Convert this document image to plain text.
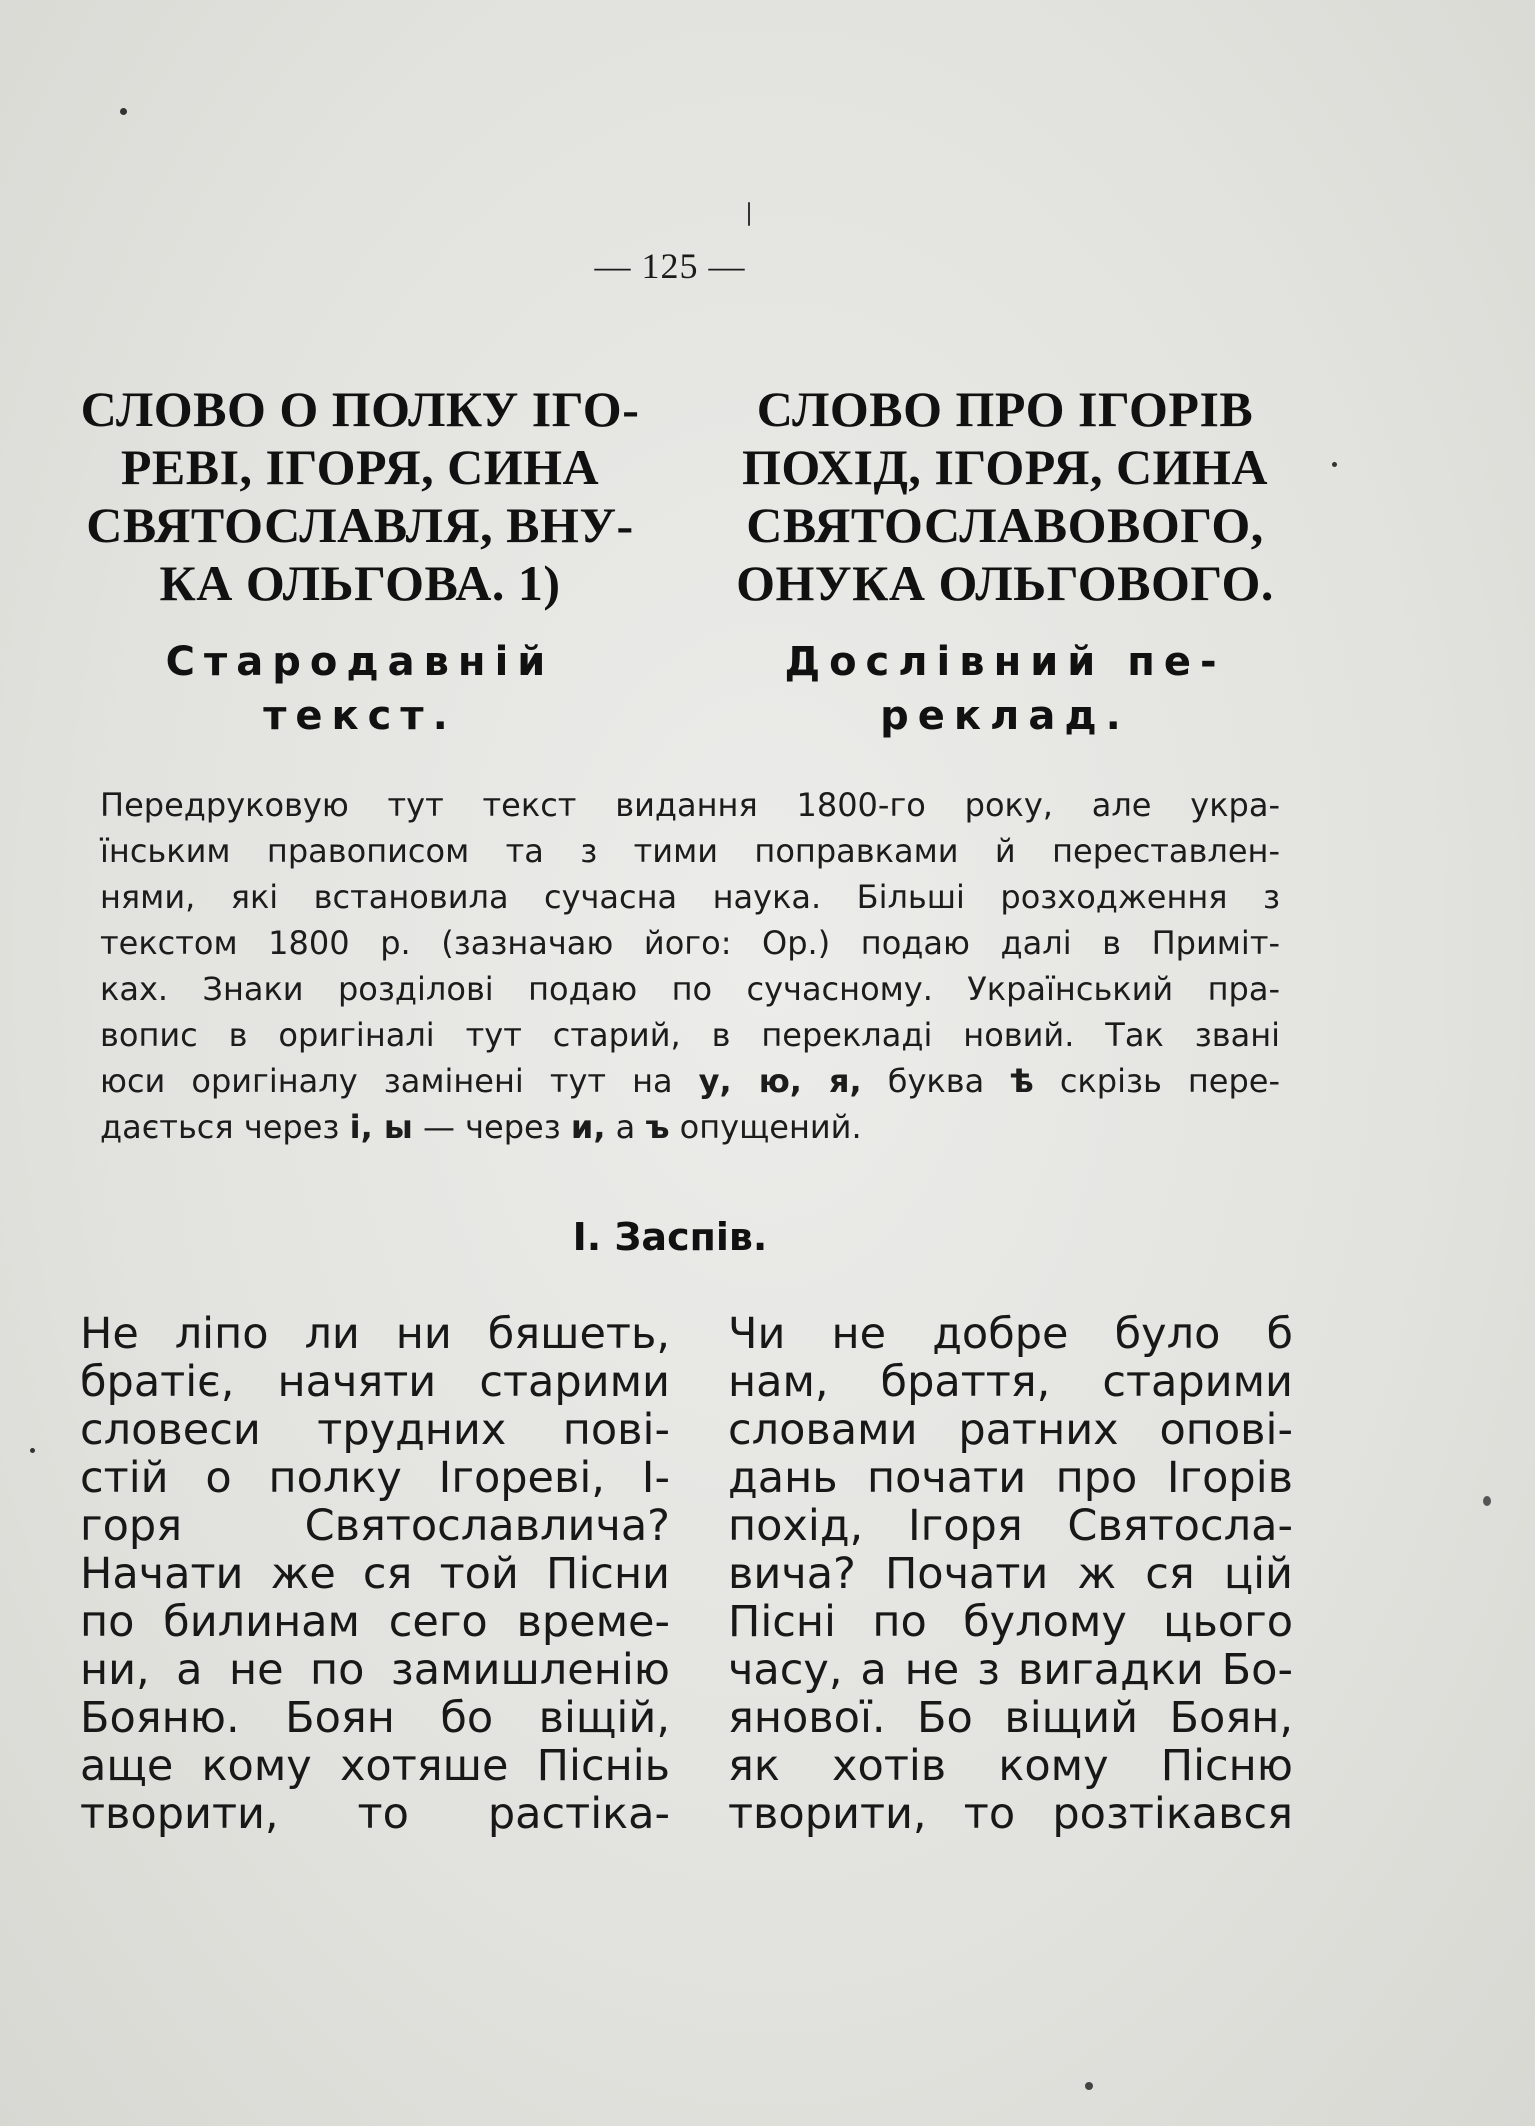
— 125 —
СЛОВО О ПОЛКУ ІГО-
РЕВІ, ІГОРЯ, СИНА
СВЯТОСЛАВЛЯ, ВНУ-
КА ОЛЬГОВА. 1)
СЛОВО ПРО ІГОРІВ
ПОХІД, ІГОРЯ, СИНА
СВЯТОСЛАВОВОГО,
ОНУКА ОЛЬГОВОГО.
Стародавній
текст.
Дослівний пе-
реклад.
Передруковую тут текст видання 1800-го року, але укра-
їнським правописом та з тими поправками й переставлен-
нями, які встановила сучасна наука. Більші розходження з
текстом 1800 р. (зазначаю його: Ор.) подаю далі в Приміт-
ках. Знаки розділові подаю по сучасному. Український пра-
вопис в оригіналі тут старий, в перекладі новий. Так звані
юси оригіналу замінені тут на у, ю, я, буква ѣ скрізь пере-
дається через і, ы — через и, а ъ опущений.
І. Заспів.
Не ліпо ли ни бяшеть,
братіє, начяти старими
словеси трудних пові-
стій о полку Ігореві, І-
горя Святославлича?
Начати же ся той Пісни
по билинам сего време-
ни, а не по замишленію
Бояню. Боян бо віщій,
аще кому хотяше Пісніь
творити, то растіка-
Чи не добре було б
нам, браття, старими
словами ратних опові-
дань почати про Ігорів
похід, Ігоря Святосла-
вича? Почати ж ся цій
Пісні по булому цього
часу, а не з вигадки Бо-
янової. Бо віщий Боян,
як хотів кому Пісню
творити, то розтікався
